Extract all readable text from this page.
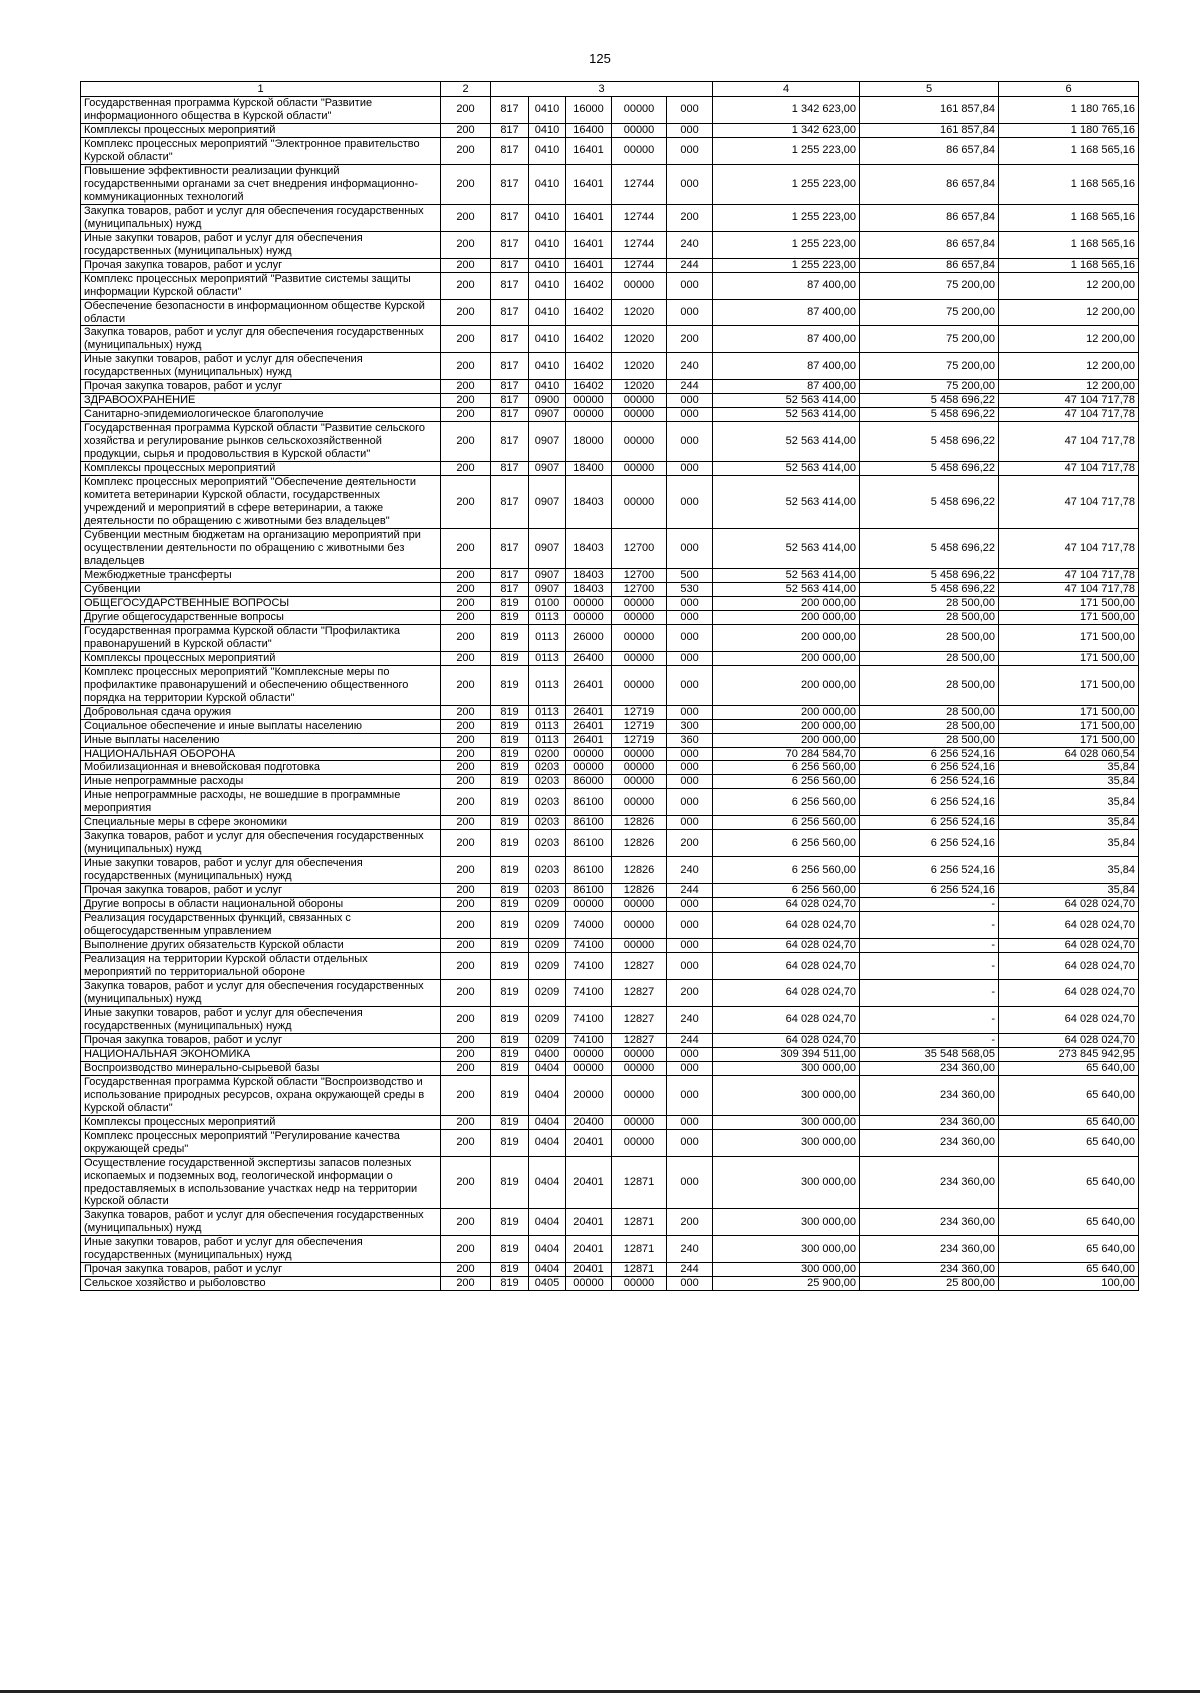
125
1	2	3					4	5	6
Государственная программа Курской области "Развитие информационного общества в Курской области"	200	817	0410	16000	00000	000	1 342 623,00	161 857,84	1 180 765,16
Комплексы процессных мероприятий	200	817	0410	16400	00000	000	1 342 623,00	161 857,84	1 180 765,16
Комплекс процессных мероприятий "Электронное правительство Курской области"	200	817	0410	16401	00000	000	1 255 223,00	86 657,84	1 168 565,16
Повышение эффективности реализации функций государственными органами за счет внедрения информационно-коммуникационных технологий	200	817	0410	16401	12744	000	1 255 223,00	86 657,84	1 168 565,16
Закупка товаров, работ и услуг для обеспечения государственных (муниципальных) нужд	200	817	0410	16401	12744	200	1 255 223,00	86 657,84	1 168 565,16
Иные закупки товаров, работ и услуг для обеспечения государственных (муниципальных) нужд	200	817	0410	16401	12744	240	1 255 223,00	86 657,84	1 168 565,16
Прочая закупка товаров, работ и услуг	200	817	0410	16401	12744	244	1 255 223,00	86 657,84	1 168 565,16
Комплекс процессных мероприятий "Развитие системы защиты информации Курской области"	200	817	0410	16402	00000	000	87 400,00	75 200,00	12 200,00
Обеспечение безопасности в информационном обществе Курской области	200	817	0410	16402	12020	000	87 400,00	75 200,00	12 200,00
Закупка товаров, работ и услуг для обеспечения государственных (муниципальных) нужд	200	817	0410	16402	12020	200	87 400,00	75 200,00	12 200,00
Иные закупки товаров, работ и услуг для обеспечения государственных (муниципальных) нужд	200	817	0410	16402	12020	240	87 400,00	75 200,00	12 200,00
Прочая закупка товаров, работ и услуг	200	817	0410	16402	12020	244	87 400,00	75 200,00	12 200,00
ЗДРАВООХРАНЕНИЕ	200	817	0900	00000	00000	000	52 563 414,00	5 458 696,22	47 104 717,78
Санитарно-эпидемиологическое благополучие	200	817	0907	00000	00000	000	52 563 414,00	5 458 696,22	47 104 717,78
Государственная программа Курской области "Развитие сельского хозяйства и регулирование рынков сельскохозяйственной продукции, сырья и продовольствия в Курской области"	200	817	0907	18000	00000	000	52 563 414,00	5 458 696,22	47 104 717,78
Комплексы процессных мероприятий	200	817	0907	18400	00000	000	52 563 414,00	5 458 696,22	47 104 717,78
Комплекс процессных мероприятий "Обеспечение деятельности комитета ветеринарии Курской области, государственных учреждений и мероприятий в сфере ветеринарии, а также деятельности по обращению с животными без владельцев"	200	817	0907	18403	00000	000	52 563 414,00	5 458 696,22	47 104 717,78
Субвенции местным бюджетам на организацию мероприятий при осуществлении деятельности по обращению с животными без владельцев	200	817	0907	18403	12700	000	52 563 414,00	5 458 696,22	47 104 717,78
Межбюджетные трансферты	200	817	0907	18403	12700	500	52 563 414,00	5 458 696,22	47 104 717,78
Субвенции	200	817	0907	18403	12700	530	52 563 414,00	5 458 696,22	47 104 717,78
ОБЩЕГОСУДАРСТВЕННЫЕ ВОПРОСЫ	200	819	0100	00000	00000	000	200 000,00	28 500,00	171 500,00
Другие общегосударственные вопросы	200	819	0113	00000	00000	000	200 000,00	28 500,00	171 500,00
Государственная программа Курской области "Профилактика правонарушений в Курской области"	200	819	0113	26000	00000	000	200 000,00	28 500,00	171 500,00
Комплексы процессных мероприятий	200	819	0113	26400	00000	000	200 000,00	28 500,00	171 500,00
Комплекс процессных мероприятий "Комплексные меры по профилактике правонарушений и обеспечению общественного порядка на территории Курской области"	200	819	0113	26401	00000	000	200 000,00	28 500,00	171 500,00
Добровольная сдача оружия	200	819	0113	26401	12719	000	200 000,00	28 500,00	171 500,00
Социальное обеспечение и иные выплаты населению	200	819	0113	26401	12719	300	200 000,00	28 500,00	171 500,00
Иные выплаты населению	200	819	0113	26401	12719	360	200 000,00	28 500,00	171 500,00
НАЦИОНАЛЬНАЯ ОБОРОНА	200	819	0200	00000	00000	000	70 284 584,70	6 256 524,16	64 028 060,54
Мобилизационная и вневойсковая подготовка	200	819	0203	00000	00000	000	6 256 560,00	6 256 524,16	35,84
Иные непрограммные расходы	200	819	0203	86000	00000	000	6 256 560,00	6 256 524,16	35,84
Иные непрограммные расходы, не вошедшие в программные мероприятия	200	819	0203	86100	00000	000	6 256 560,00	6 256 524,16	35,84
Специальные меры в сфере экономики	200	819	0203	86100	12826	000	6 256 560,00	6 256 524,16	35,84
Закупка товаров, работ и услуг для обеспечения государственных (муниципальных) нужд	200	819	0203	86100	12826	200	6 256 560,00	6 256 524,16	35,84
Иные закупки товаров, работ и услуг для обеспечения государственных (муниципальных) нужд	200	819	0203	86100	12826	240	6 256 560,00	6 256 524,16	35,84
Прочая закупка товаров, работ и услуг	200	819	0203	86100	12826	244	6 256 560,00	6 256 524,16	35,84
Другие вопросы в области национальной обороны	200	819	0209	00000	00000	000	64 028 024,70	-	64 028 024,70
Реализация государственных функций, связанных с общегосударственным управлением	200	819	0209	74000	00000	000	64 028 024,70	-	64 028 024,70
Выполнение других обязательств Курской области	200	819	0209	74100	00000	000	64 028 024,70	-	64 028 024,70
Реализация на территории Курской области отдельных мероприятий по территориальной обороне	200	819	0209	74100	12827	000	64 028 024,70	-	64 028 024,70
Закупка товаров, работ и услуг для обеспечения государственных (муниципальных) нужд	200	819	0209	74100	12827	200	64 028 024,70	-	64 028 024,70
Иные закупки товаров, работ и услуг для обеспечения государственных (муниципальных) нужд	200	819	0209	74100	12827	240	64 028 024,70	-	64 028 024,70
Прочая закупка товаров, работ и услуг	200	819	0209	74100	12827	244	64 028 024,70	-	64 028 024,70
НАЦИОНАЛЬНАЯ ЭКОНОМИКА	200	819	0400	00000	00000	000	309 394 511,00	35 548 568,05	273 845 942,95
Воспроизводство минерально-сырьевой базы	200	819	0404	00000	00000	000	300 000,00	234 360,00	65 640,00
Государственная программа Курской области "Воспроизводство и использование природных ресурсов, охрана окружающей среды в Курской области"	200	819	0404	20000	00000	000	300 000,00	234 360,00	65 640,00
Комплексы процессных мероприятий	200	819	0404	20400	00000	000	300 000,00	234 360,00	65 640,00
Комплекс процессных мероприятий "Регулирование качества окружающей среды"	200	819	0404	20401	00000	000	300 000,00	234 360,00	65 640,00
Осуществление государственной экспертизы запасов полезных ископаемых и подземных вод, геологической информации о предоставляемых в использование участках недр на территории Курской области	200	819	0404	20401	12871	000	300 000,00	234 360,00	65 640,00
Закупка товаров, работ и услуг для обеспечения государственных (муниципальных) нужд	200	819	0404	20401	12871	200	300 000,00	234 360,00	65 640,00
Иные закупки товаров, работ и услуг для обеспечения государственных (муниципальных) нужд	200	819	0404	20401	12871	240	300 000,00	234 360,00	65 640,00
Прочая закупка товаров, работ и услуг	200	819	0404	20401	12871	244	300 000,00	234 360,00	65 640,00
Сельское хозяйство и рыболовство	200	819	0405	00000	00000	000	25 900,00	25 800,00	100,00
